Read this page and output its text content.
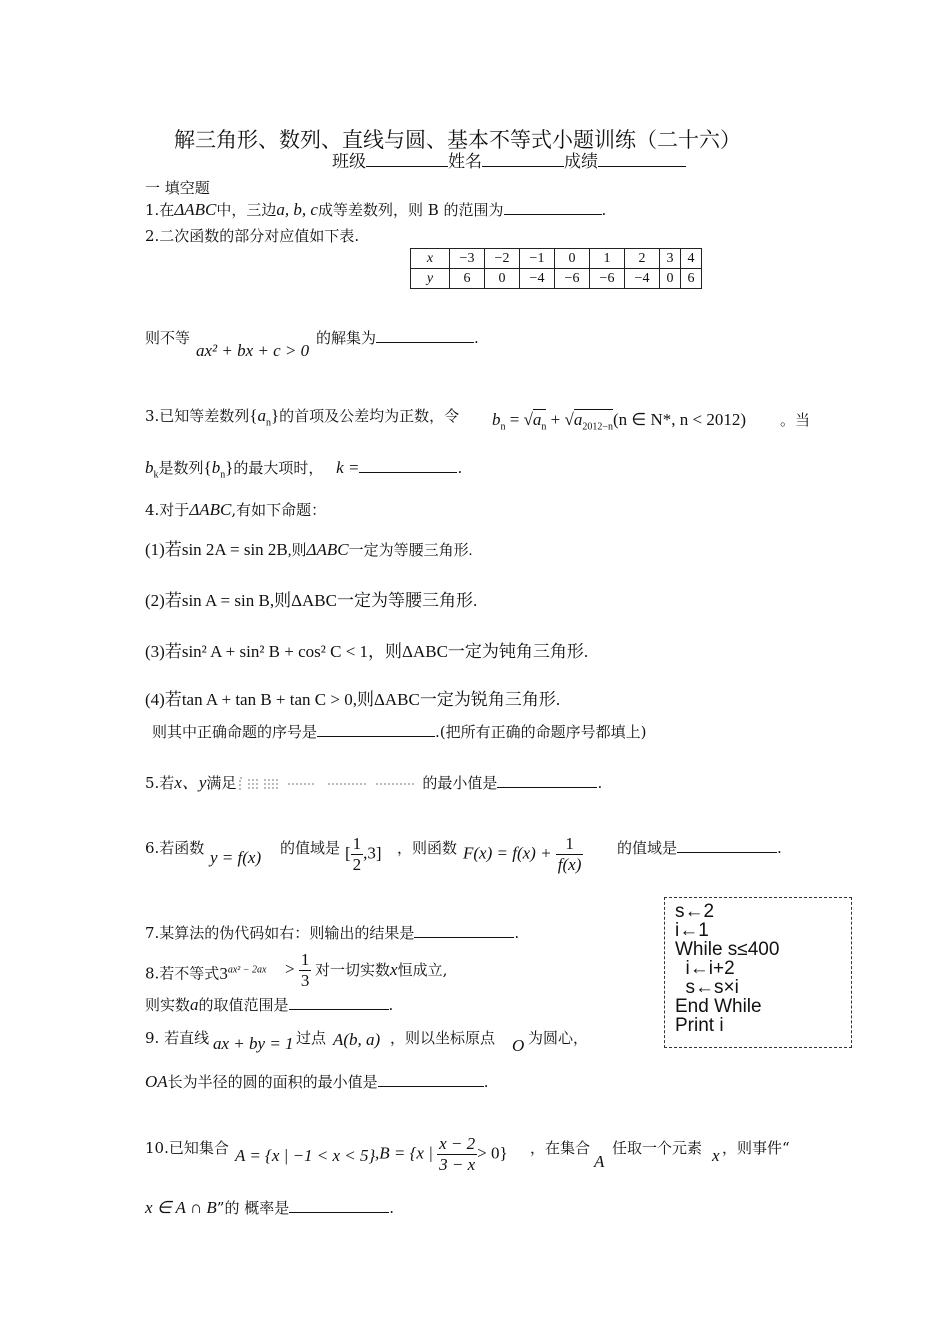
解三角形、数列、直线与圆、基本不等式小题训练（二十六）
班级	姓名	成绩
一 填空题
1.在ΔABC中，三边a, b, c成等差数列，则 B 的范围为	.
2.二次函数的部分对应值如下表.
x	−3	−2	−1	0	1	2	3	4
y	6	0	−4	−6	−6	−4	0	6
则不等
ax² + bx + c > 0
的解集为	.
3.已知等差数列$\{a_n\}$的首项及公差均为正数，令 $b_n = √a_n + √a_{2012-n}(n$ ∈ N*, n < 2012) 。当
$b_k$是数列$\{b_n\}$的最大项时， k =	.
4.对于ΔABC,有如下命题：
(1)若sin 2A = sin 2B,则ΔABC一定为等腰三角形.
(2)若sin A = sin B,则ΔABC一定为等腰三角形.
(3)若sin² A + sin² B + cos² C < 1，则ΔABC一定为钝角三角形.
(4)若tan A + tan B + tan C > 0,则ΔABC一定为锐角三角形.
则其中正确命题的序号是	.(把所有正确的命题序号都填上)
5.若x、y满足	的最小值是	.
6.若函数 y = f(x) 的值域是 [ $\frac{1}{2} ,3$] ，则函数 $F(x) = f(x) + \frac{1}{f(x)}$ 的值域是	.
s←2
i←1
While s≤400
i←i+2
s←s×i
End While
Print i
7.某算法的伪代码如右：则输出的结果是	.
8.若不等式$3^{ax^2 - 2ax} > \frac{1}{3}$ 对一切实数x恒成立,
则实数a的取值范围是	.
9. 若直线 ax + by = 1 过点 A(b, a) ，则以坐标原点 O 为圆心，
OA长为半径的圆的面积的最小值是	.
10.已知集合 A = {x | −1 < x < 5} ,B = {x | $\frac{x - 2}{3 - x} > 0$} ，在集合
A
任取一个元素 x ，则事件“
x ∈ A ∩ B”的 概率是	.
